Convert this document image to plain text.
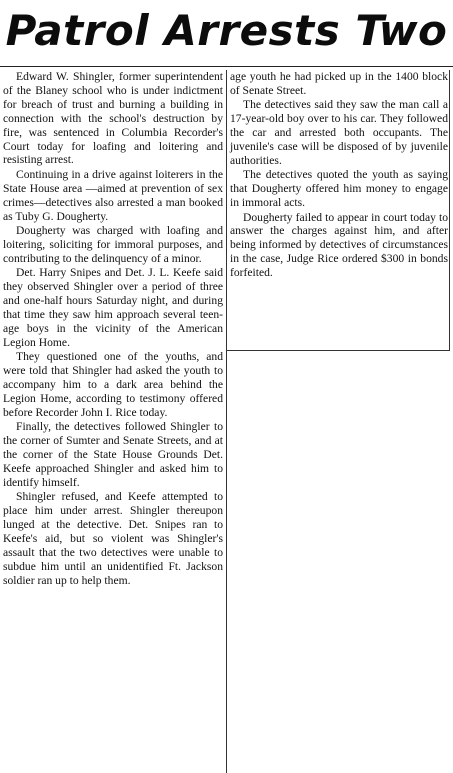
Patrol Arrests Two

Edward W. Shingler, former superintendent of the Blaney school who is under indictment for breach of trust and burning a building in connection with the school's destruction by fire, was sentenced in Columbia Recorder's Court today for loafing and loitering and resisting arrest.

Continuing in a drive against loiterers in the State House area —aimed at prevention of sex crimes—detectives also arrested a man booked as Tuby G. Dougherty.

Dougherty was charged with loafing and loitering, soliciting for immoral purposes, and contributing to the delinquency of a minor.

Det. Harry Snipes and Det. J. L. Keefe said they observed Shingler over a period of three and one-half hours Saturday night, and during that time they saw him approach several teen-age boys in the vicinity of the American Legion Home.

They questioned one of the youths, and were told that Shingler had asked the youth to accompany him to a dark area behind the Legion Home, according to testimony offered before Recorder John I. Rice today.

Finally, the detectives followed Shingler to the corner of Sumter and Senate Streets, and at the corner of the State House Grounds Det. Keefe approached Shingler and asked him to identify himself.

Shingler refused, and Keefe attempted to place him under arrest. Shingler thereupon lunged at the detective. Det. Snipes ran to Keefe's aid, but so violent was Shingler's assault that the two detectives were unable to subdue him until an unidentified Ft. Jackson soldier ran up to help them.

age youth he had picked up in the 1400 block of Senate Street.

The detectives said they saw the man call a 17-year-old boy over to his car. They followed the car and arrested both occupants. The juvenile's case will be disposed of by juvenile authorities.

The detectives quoted the youth as saying that Dougherty offered him money to engage in immoral acts.

Dougherty failed to appear in court today to answer the charges against him, and after being informed by detectives of circumstances in the case, Judge Rice ordered $300 in bonds forfeited.
